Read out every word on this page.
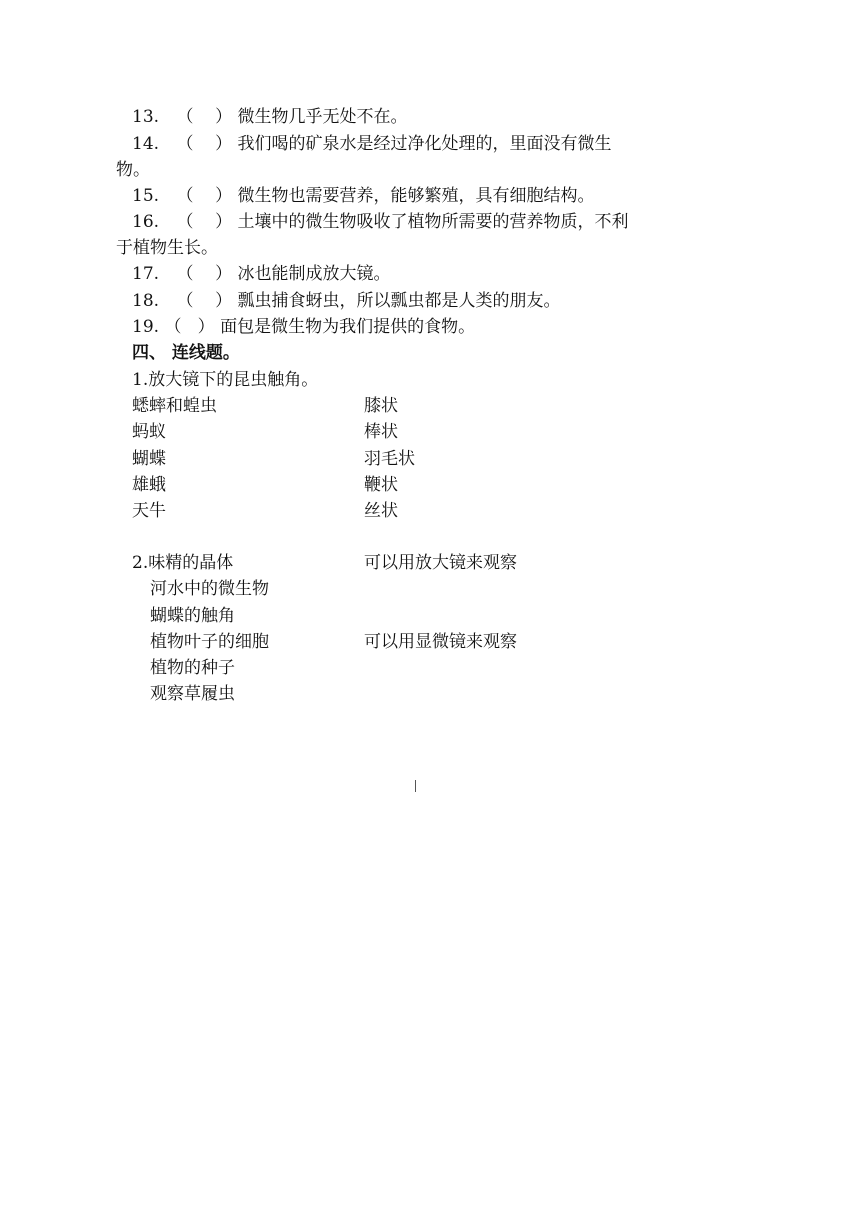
13. （    ） 微生物几乎无处不在。
14. （    ） 我们喝的矿泉水是经过净化处理的，里面没有微生
物。
15. （    ） 微生物也需要营养，能够繁殖，具有细胞结构。
16. （    ） 土壤中的微生物吸收了植物所需要的营养物质，不利
于植物生长。
17. （    ） 冰也能制成放大镜。
18. （    ） 瓢虫捕食蚜虫，所以瓢虫都是人类的朋友。
19. （   ） 面包是微生物为我们提供的食物。
四、 连线题。
1.放大镜下的昆虫触角。
蟋蟀和蝗虫
蚂蚁
蝴蝶
雄蛾
天牛
膝状
棒状
羽毛状
鞭状
丝状
2.味精的晶体
河水中的微生物
蝴蝶的触角
植物叶子的细胞
植物的种子
观察草履虫
可以用放大镜来观察
可以用显微镜来观察
